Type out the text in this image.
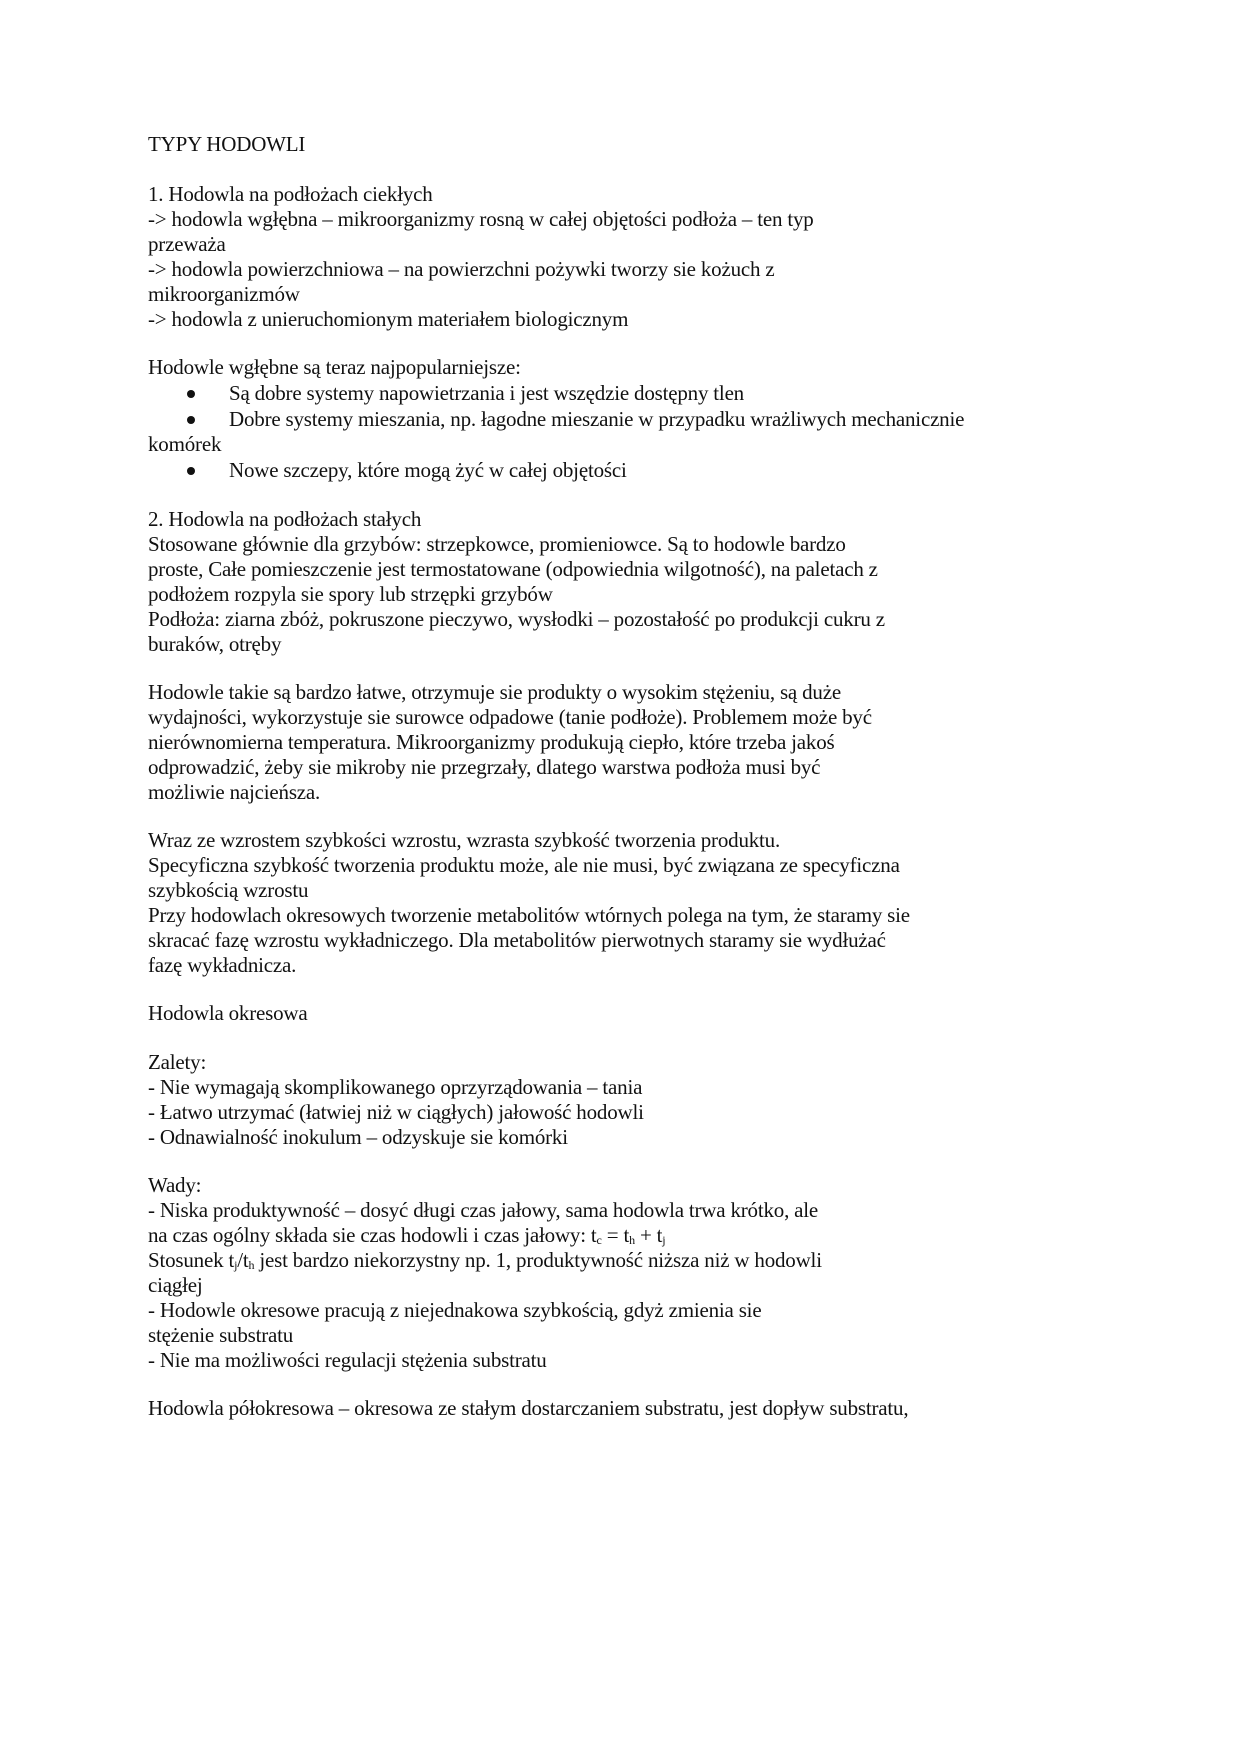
TYPY HODOWLI
1. Hodowla na podłożach ciekłych
-> hodowla wgłębna – mikroorganizmy rosną w całej objętości podłoża – ten typ
przeważa
-> hodowla powierzchniowa – na powierzchni pożywki tworzy sie kożuch z
mikroorganizmów
-> hodowla z unieruchomionym materiałem biologicznym
Hodowle wgłębne są teraz najpopularniejsze:
Są dobre systemy napowietrzania i jest wszędzie dostępny tlen
Dobre systemy mieszania, np. łagodne mieszanie w przypadku wrażliwych mechanicznie
komórek
Nowe szczepy, które mogą żyć w całej objętości
2. Hodowla na podłożach stałych
Stosowane głównie dla grzybów: strzepkowce, promieniowce. Są to hodowle bardzo
proste, Całe pomieszczenie jest termostatowane (odpowiednia wilgotność), na paletach z
podłożem rozpyla sie spory lub strzępki grzybów
Podłoża: ziarna zbóż, pokruszone pieczywo, wysłodki – pozostałość po produkcji cukru z
buraków, otręby
Hodowle takie są bardzo łatwe, otrzymuje sie produkty o wysokim stężeniu, są duże
wydajności, wykorzystuje sie surowce odpadowe (tanie podłoże). Problemem może być
nierównomierna temperatura. Mikroorganizmy produkują ciepło, które trzeba jakoś
odprowadzić, żeby sie mikroby nie przegrzały, dlatego warstwa podłoża musi być
możliwie najcieńsza.
Wraz ze wzrostem szybkości wzrostu, wzrasta szybkość tworzenia produktu.
Specyficzna szybkość tworzenia produktu może, ale nie musi, być związana ze specyficzna
szybkością wzrostu
Przy hodowlach okresowych tworzenie metabolitów wtórnych polega na tym, że staramy sie
skracać fazę wzrostu wykładniczego. Dla metabolitów pierwotnych staramy sie wydłużać
fazę wykładnicza.
Hodowla okresowa
Zalety:
- Nie wymagają skomplikowanego oprzyrządowania – tania
- Łatwo utrzymać (łatwiej niż w ciągłych) jałowość hodowli
- Odnawialność inokulum – odzyskuje sie komórki
Wady:
- Niska produktywność – dosyć długi czas jałowy, sama hodowla trwa krótko, ale
na czas ogólny składa sie czas hodowli i czas jałowy: $t_c = t_h + t_j$
Stosunek $t_j/t_h$ jest bardzo niekorzystny np. 1, produktywność niższa niż w hodowli
ciągłej
- Hodowle okresowe pracują z niejednakowa szybkością, gdyż zmienia sie
stężenie substratu
- Nie ma możliwości regulacji stężenia substratu
Hodowla półokresowa – okresowa ze stałym dostarczaniem substratu, jest dopływ substratu,
